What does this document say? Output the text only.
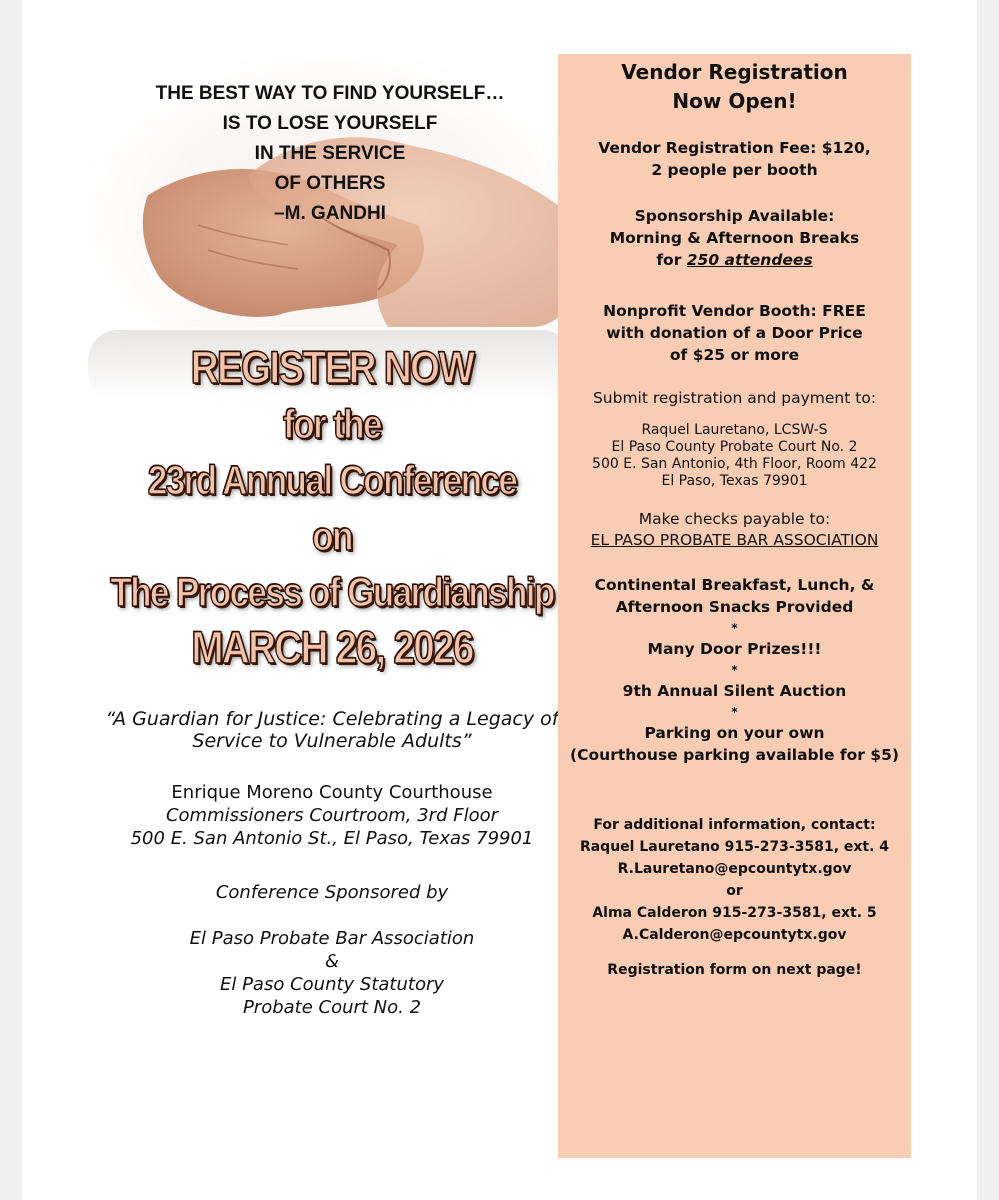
THE BEST WAY TO FIND YOURSELF…
IS TO LOSE YOURSELF
IN THE SERVICE
OF OTHERS
–M. GANDHI

REGISTER NOW
for the
23rd Annual Conference
on
The Process of Guardianship
MARCH 26, 2026

“A Guardian for Justice: Celebrating a Legacy of Service to Vulnerable Adults”

Enrique Moreno County Courthouse
Commissioners Courtroom, 3rd Floor
500 E. San Antonio St., El Paso, Texas 79901

Conference Sponsored by
El Paso Probate Bar Association
&
El Paso County Statutory
Probate Court No. 2

Vendor Registration
Now Open!

Vendor Registration Fee: $120,
2 people per booth

Sponsorship Available:
Morning & Afternoon Breaks
for 250 attendees

Nonprofit Vendor Booth: FREE
with donation of a Door Price
of $25 or more

Submit registration and payment to:

Raquel Lauretano, LCSW-S
El Paso County Probate Court No. 2
500 E. San Antonio, 4th Floor, Room 422
El Paso, Texas 79901

Make checks payable to:
EL PASO PROBATE BAR ASSOCIATION

Continental Breakfast, Lunch, &
Afternoon Snacks Provided
*
Many Door Prizes!!!
*
9th Annual Silent Auction
*
Parking on your own
(Courthouse parking available for $5)

For additional information, contact:
Raquel Lauretano 915-273-3581, ext. 4
R.Lauretano@epcountytx.gov
or
Alma Calderon 915-273-3581, ext. 5
A.Calderon@epcountytx.gov

Registration form on next page!
